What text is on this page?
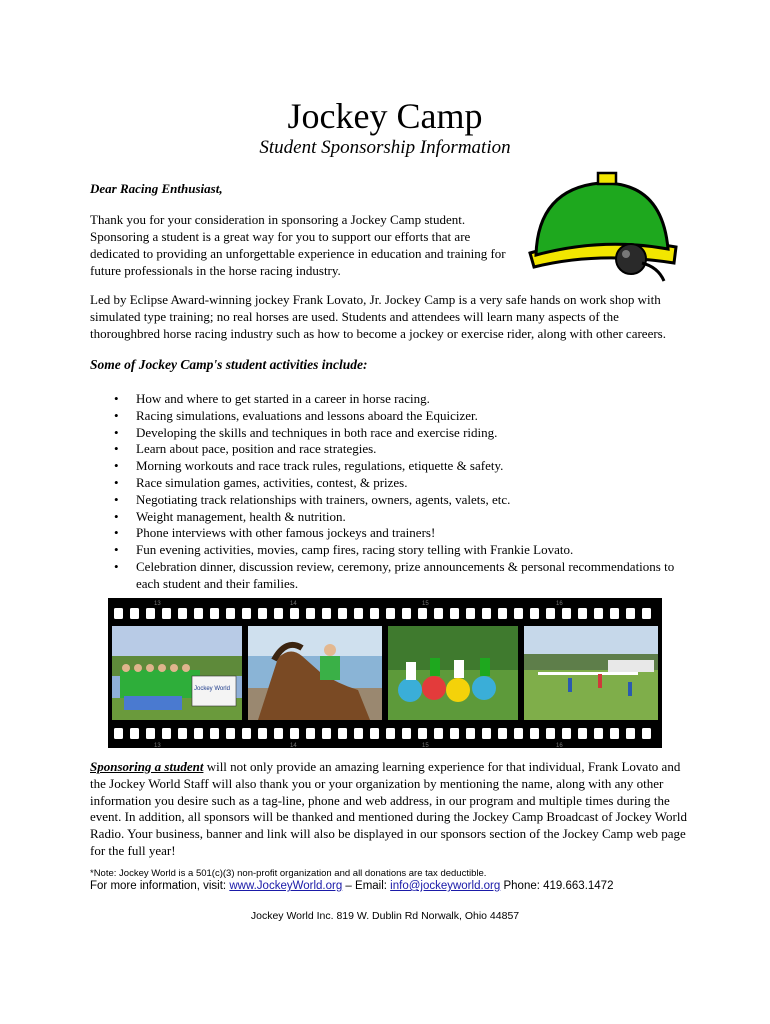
Jockey Camp
Student Sponsorship Information
Dear Racing Enthusiast,
Thank you for your consideration in sponsoring a Jockey Camp student. Sponsoring a student is a great way for you to support our efforts that are dedicated to providing an unforgettable experience in education and training for future professionals in the horse racing industry.
Led by Eclipse Award-winning jockey Frank Lovato, Jr. Jockey Camp is a very safe hands on work shop with simulated type training; no real horses are used. Students and attendees will learn many aspects of the thoroughbred horse racing industry such as how to become a jockey or exercise rider, along with other careers.
Some of Jockey Camp's student activities include:
• How and where to get started in a career in horse racing.
• Racing simulations, evaluations and lessons aboard the Equicizer.
• Developing the skills and techniques in both race and exercise riding.
• Learn about pace, position and race strategies.
• Morning workouts and race track rules, regulations, etiquette & safety.
• Race simulation games, activities, contest, & prizes.
• Negotiating track relationships with trainers, owners, agents, valets, etc.
• Weight management, health & nutrition.
• Phone interviews with other famous jockeys and trainers!
• Fun evening activities, movies, camp fires, racing story telling with Frankie Lovato.
• Celebration dinner, discussion review, ceremony, prize announcements & personal recommendations to each student and their families.
13	14	15	16
13	14	15	16
Jockey World
Sponsoring a student will not only provide an amazing learning experience for that individual, Frank Lovato and the Jockey World Staff will also thank you or your organization by mentioning the name, along with any other information you desire such as a tag-line, phone and web address, in our program and multiple times during the event. In addition, all sponsors will be thanked and mentioned during the Jockey Camp Broadcast of Jockey World Radio. Your business, banner and link will also be displayed in our sponsors section of the Jockey Camp web page for the full year!
*Note: Jockey World is a 501(c)(3) non-profit organization and all donations are tax deductible.
For more information, visit: www.JockeyWorld.org – Email: info@jockeyworld.org Phone: 419.663.1472
Jockey World Inc. 819 W. Dublin Rd Norwalk, Ohio 44857
